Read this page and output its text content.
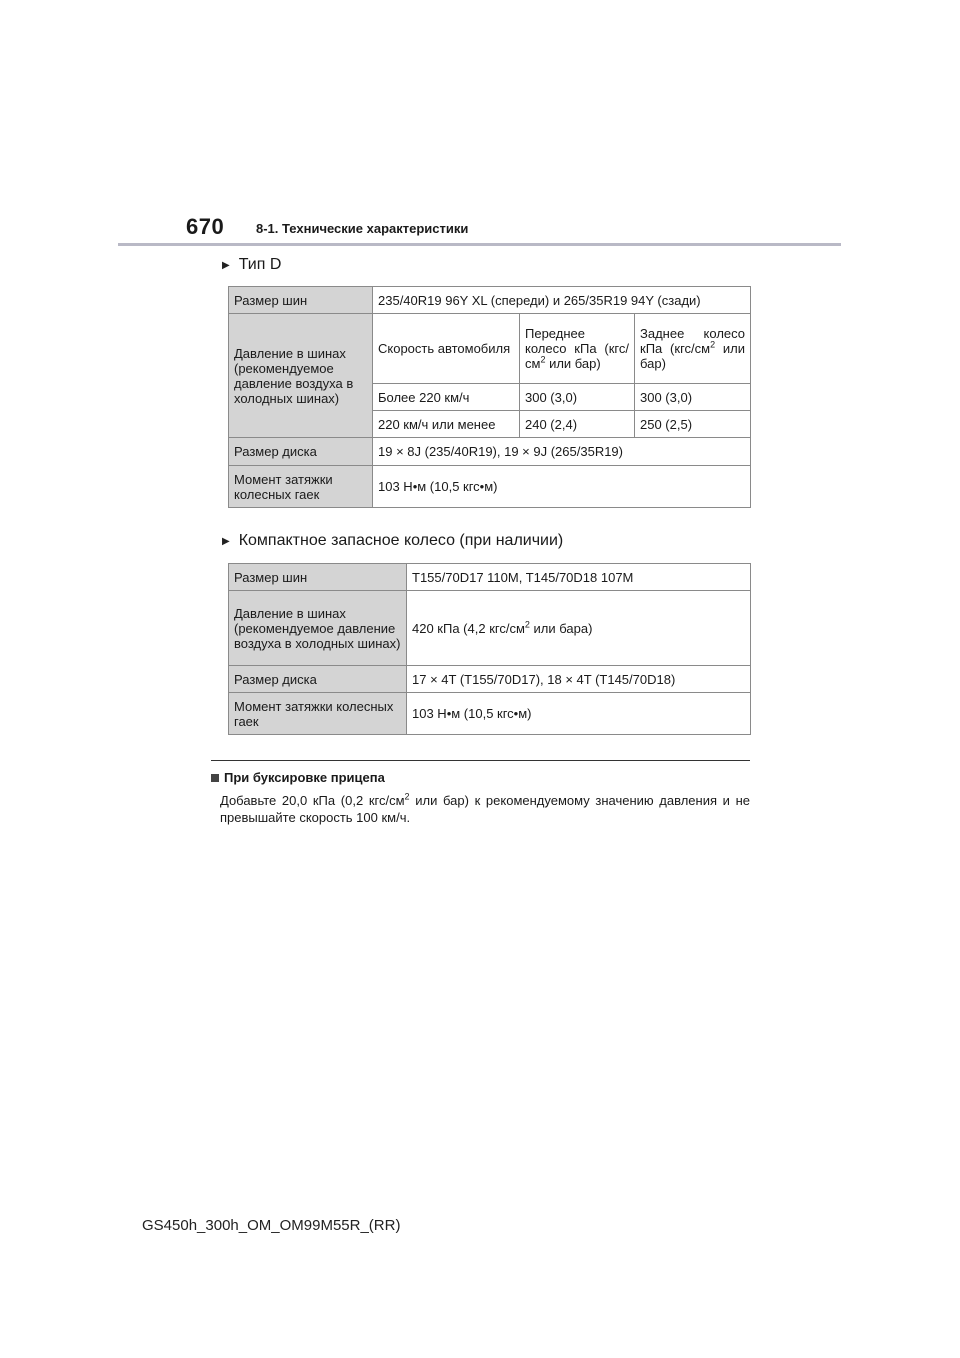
670 8-1. Технические характеристики
▶ Тип D
Размер шин	235/40R19 96Y XL (спереди) и 265/35R19 94Y (сзади)		
Давление в шинах (рекомендуемое давление воздуха в холодных шинах)	Скорость автомобиля	Переднее колесо кПа ($кгс/см^2$ или бар)	Заднее колесо кПа ($кгс/см^2$ или бар)
	Более 220 км/ч	300 (3,0)	300 (3,0)
	220 км/ч или менее	240 (2,4)	250 (2,5)
Размер диска	19 × 8J (235/40R19), 19 × 9J (265/35R19)		
Момент затяжки колесных гаек	103 Н•м (10,5 кгс•м)		
▶ Компактное запасное колесо (при наличии)
Размер шин	T155/70D17 110M, T145/70D18 107M
Давление в шинах (рекомендуемое давление воздуха в холодных шинах)	420 кПа (4,2 кгс/$см^2$ или бара)
Размер диска	17 × 4T (T155/70D17), 18 × 4T (T145/70D18)
Момент затяжки колесных гаек	103 Н•м (10,5 кгс•м)
При буксировке прицепа
Добавьте 20,0 кПа (0,2 кгс/$см^2$ или бар) к рекомендуемому значению давления и не превышайте скорость 100 км/ч.
GS450h_300h_OM_OM99M55R_(RR)
